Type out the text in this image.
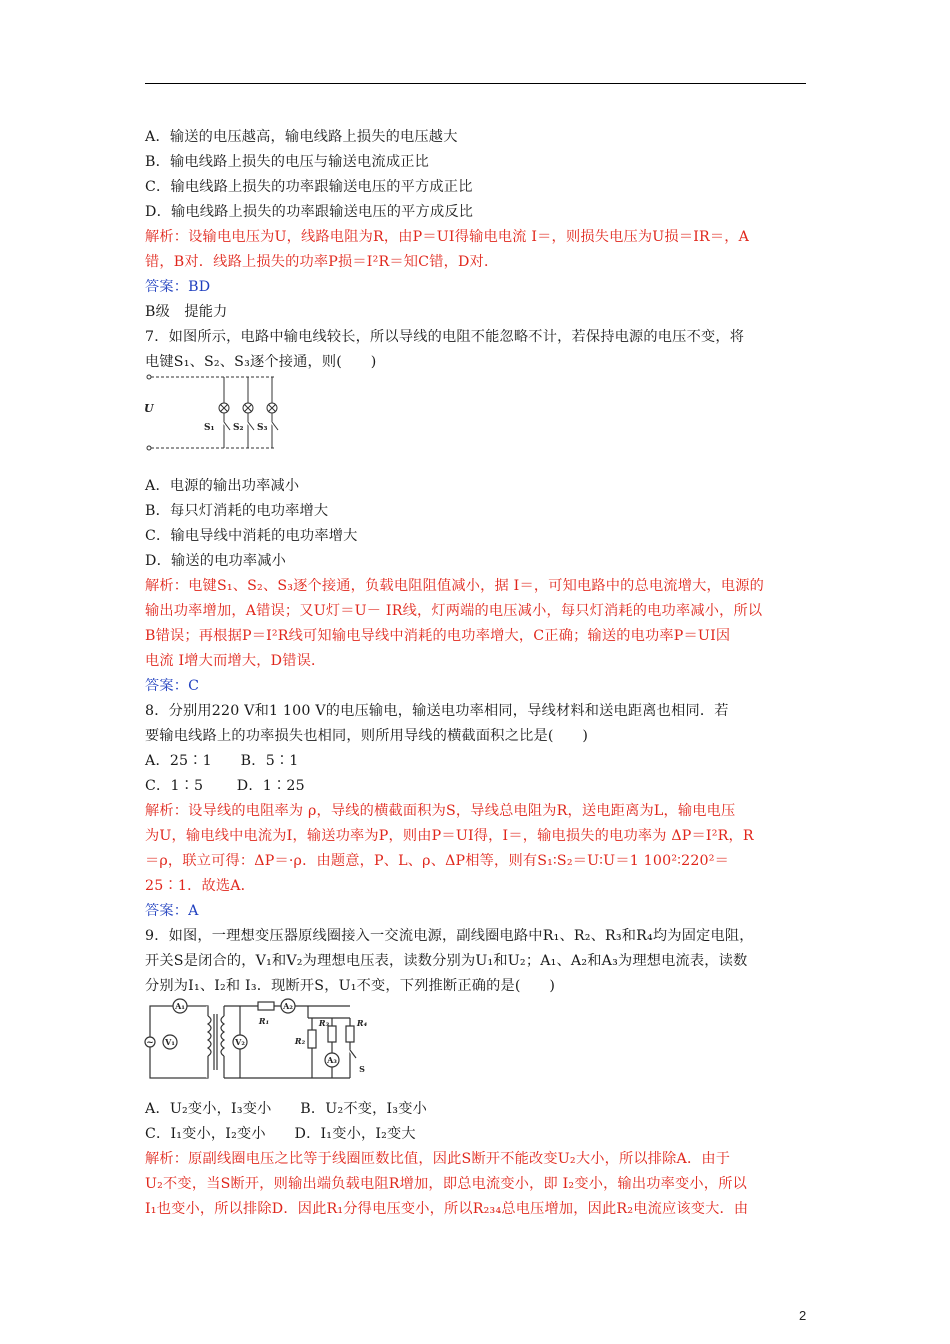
A．输送的电压越高，输电线路上损失的电压越大
B．输电线路上损失的电压与输送电流成正比
C．输电线路上损失的功率跟输送电压的平方成正比
D．输电线路上损失的功率跟输送电压的平方成反比
解析：设输电电压为U，线路电阻为R，由P＝UI得输电电流 I＝，则损失电压为U损＝IR＝，A
错，B对．线路上损失的功率P损＝I²R＝知C错，D对．
答案：BD
B级　提能力
7．如图所示，电路中输电线较长，所以导线的电阻不能忽略不计，若保持电源的电压不变，将
电键S₁、S₂、S₃逐个接通，则(　　)
U
S₁ S₂ S₃
A．电源的输出功率减小
B．每只灯消耗的电功率增大
C．输电导线中消耗的电功率增大
D．输送的电功率减小
解析：电键S₁、S₂、S₃逐个接通，负载电阻阻值减小，据 I＝，可知电路中的总电流增大，电源的
输出功率增加，A错误；又U灯＝U－ IR线，灯两端的电压减小，每只灯消耗的电功率减小，所以
B错误；再根据P＝I²R线可知输电导线中消耗的电功率增大，C正确；输送的电功率P＝UI因
电流 I增大而增大，D错误．
答案：C
8．分别用220 V和1 100 V的电压输电，输送电功率相同，导线材料和送电距离也相同．若
要输电线路上的功率损失也相同，则所用导线的横截面积之比是(　　)
A．25∶1　　B．5∶1
C．1∶5　　 D．1∶25
解析：设导线的电阻率为 ρ，导线的横截面积为S，导线总电阻为R，送电距离为L，输电电压
为U，输电线中电流为I，输送功率为P，则由P＝UI得，I＝，输电损失的电功率为 ΔP＝I²R，R
＝ρ，联立可得：ΔP＝·ρ．由题意，P、L、ρ、ΔP相等，则有S₁∶S₂＝U∶U＝1 100²∶220²＝
25∶1．故选A．
答案：A
9．如图，一理想变压器原线圈接入一交流电源，副线圈电路中R₁、R₂、R₃和R₄均为固定电阻，
开关S是闭合的，V₁和V₂为理想电压表，读数分别为U₁和U₂；A₁、A₂和A₃为理想电流表，读数
分别为I₁、I₂和 I₃．现断开S，U₁不变，下列推断正确的是(　　)
A₁
V₁	V₂
A₂
A₃
~
R₁
R₂
R₃	R₄
S
A．U₂变小，I₃变小　　B．U₂不变，I₃变小
C．I₁变小，I₂变小　　D．I₁变小，I₂变大
解析：原副线圈电压之比等于线圈匝数比值，因此S断开不能改变U₂大小，所以排除A．由于
U₂不变，当S断开，则输出端负载电阻R增加，即总电流变小，即 I₂变小，输出功率变小，所以
I₁也变小，所以排除D．因此R₁分得电压变小，所以R₂₃₄总电压增加，因此R₂电流应该变大．由
2
